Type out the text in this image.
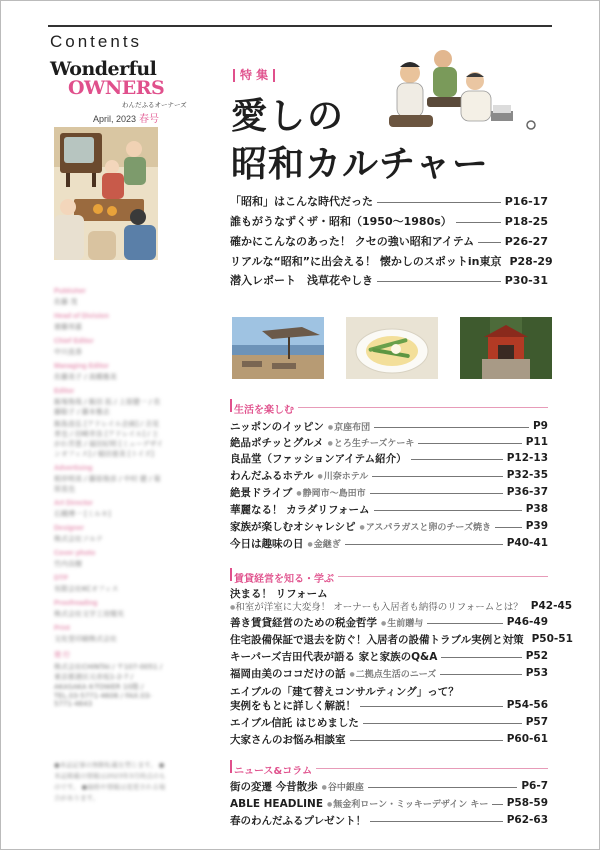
Contents
Wonderful
OWNERS
わんだふるオーナーズ
April, 2023 春号
Publisher
佐藤 茂
Head of Division
齋藤邦嘉
Chief Editor
中川直香
Managing Editor
佐藤美子 / 高橋雅美
Editor
飯塚俊哉 / 飯田 拓 / 上原健一 / 佐藤聡子 / 藤本雅志
飯島直弘 [アドレイル企画] / 吉見育也 / 田崎幸良 [アドレイル] / とがわ芳恵 / 福田紀明 [ミューデザインオフィス] / 稲田亜美 [トイズ]
Advertising
根岸明美 / 藤原俊彦 / 中村 健 / 菊原直也
Art Director
石橋博一 [ミルキ]
Designer
株式会社ソルテ
Cover photo
竹内良樹
DTP
有限会社KCオフィス
Proofreading
株式会社文字工房燦光
Print
文化堂印刷株式会社
発 行
株式会社CHINTAI / 〒107-0051 / 東京都港区元赤坂1-2-7 / AKASAKA K-TOWER 10階 / TEL.03-5771-4606 / FAX.03-5771-4643
●本誌記事の無断転載を禁じます。 ●本誌掲載の情報は2023年3月時点のものです。 ●価格や情報は変更される場合があります。
特 集
愛しの
昭和カルチャー
「昭和」はこんな時代だった	P16-17
誰もがうなずくザ・昭和（1950〜1980s）	P18-25
確かにこんなのあった！ クセの強い昭和アイテム	P26-27
リアルな“昭和”に出会える！ 懐かしのスポットin東京 P28-29
潜入レポート　浅草花やしき	P30-31
生活を楽しむ
ニッポンのイッピン ● 京座布団	P9
絶品ポチッとグルメ ● とろ生チーズケーキ	P11
良品堂（ファッションアイテム紹介）	P12-13
わんだふるホテル ● 川奈ホテル	P32-35
絶景ドライブ ● 静岡市〜島田市	P36-37
華麗なる！ カラダリフォーム	P38
家族が楽しむオシャレシピ ● アスパラガスと卵のチーズ焼き	P39
今日は趣味の日 ● 金継ぎ	P40-41
賃貸経営を知る・学ぶ
決まる！ リフォーム
●和室が洋室に大変身！ オーナーも入居者も納得のリフォームとは？ P42-45
善き賃貸経営のための税金哲学 ● 生前贈与	P46-49
住宅設備保証で退去を防ぐ！入居者の設備トラブル実例と対策 P50-51
キーパーズ吉田代表が語る 家と家族のQ&A	P52
福岡由美のココだけの話 ● 二拠点生活のニーズ	P53
エイブルの「建て替えコンサルティング」って？
実例をもとに詳しく解説！	P54-56
エイブル信託 はじめました	P57
大家さんのお悩み相談室	P60-61
ニュース&コラム
街の変遷 今昔散歩 ● 谷中銀座	P6-7
ABLE HEADLINE ● 無金利ローン・ミッキーデザイン キー P58-59
春のわんだふるプレゼント！	P62-63
